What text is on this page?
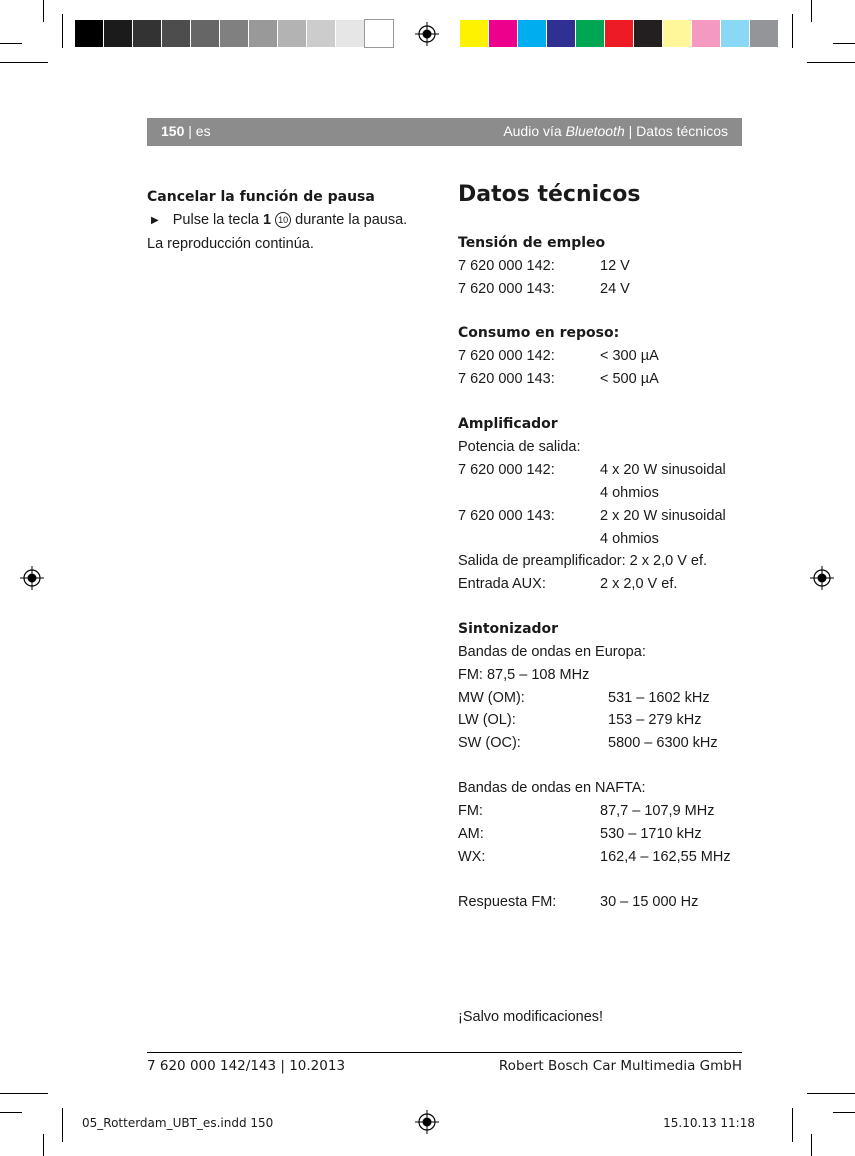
150 | es	Audio vía Bluetooth | Datos técnicos
Cancelar la función de pausa
▶ Pulse la tecla 1 10 durante la pausa.
La reproducción continúa.
Datos técnicos
Tensión de empleo
7 620 000 142:	12 V
7 620 000 143:	24 V
Consumo en reposo:
7 620 000 142:	< 300 µA
7 620 000 143:	< 500 µA
Amplificador
Potencia de salida:
7 620 000 142:	4 x 20 W sinusoidal
4 ohmios
7 620 000 143:	2 x 20 W sinusoidal
4 ohmios
Salida de preamplificador: 2 x 2,0 V ef.
Entrada AUX:	2 x 2,0 V ef.
Sintonizador
Bandas de ondas en Europa:
FM: 87,5 – 108 MHz
MW (OM):	531 – 1602 kHz
LW (OL):	153 – 279 kHz
SW (OC):	5800 – 6300 kHz
Bandas de ondas en NAFTA:
FM:	87,7 – 107,9 MHz
AM:	530 – 1710 kHz
WX:	162,4 – 162,55 MHz
Respuesta FM:	30 – 15 000 Hz
¡Salvo modificaciones!
7 620 000 142/143 | 10.2013	Robert Bosch Car Multimedia GmbH
05_Rotterdam_UBT_es.indd 150	15.10.13 11:18
